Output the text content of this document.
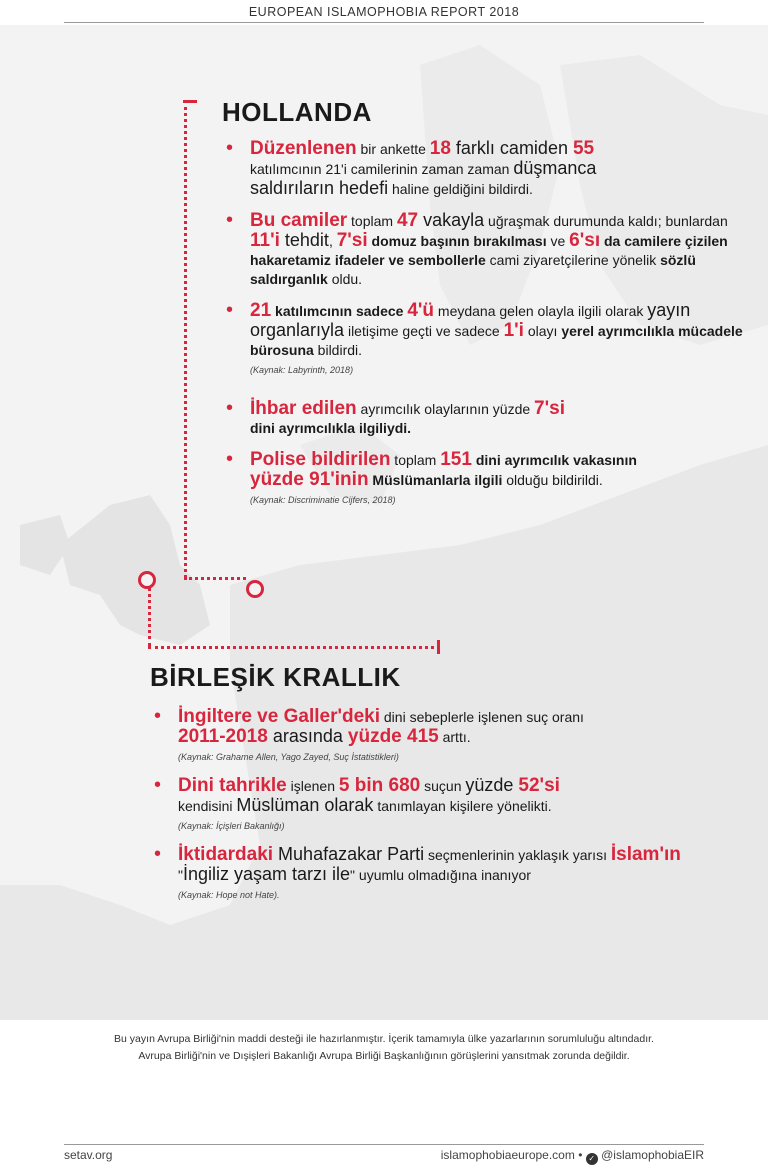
EUROPEAN ISLAMOPHOBIA REPORT 2018
HOLLANDA
• Düzenlenen bir ankette 18 farklı camiden 55
katılımcının 21'i camilerinin zaman zaman düşmanca
saldırıların hedefi haline geldiğini bildirdi.
• Bu camiler toplam 47 vakayla uğraşmak durumunda kaldı; bunlardan 11'i tehdit, 7'si domuz başının bırakılması ve 6'sı da camilere çizilen hakaretamiz ifadeler ve sembollerle cami ziyaretçilerine yönelik sözlü saldırganlık oldu.
• 21 katılımcının sadece 4'ü meydana gelen olayla ilgili olarak yayın organlarıyla iletişime geçti ve sadece 1'i olayı yerel ayrımcılıkla mücadele bürosuna bildirdi.
(Kaynak: Labyrinth, 2018)
• İhbar edilen ayrımcılık olaylarının yüzde 7'si
dini ayrımcılıkla ilgiliydi.
• Polise bildirilen toplam 151 dini ayrımcılık vakasının
yüzde 91'inin Müslümanlarla ilgili olduğu bildirildi.
(Kaynak: Discriminatie Cijfers, 2018)
BİRLEŞİK KRALLIK
• İngiltere ve Galler'deki dini sebeplerle işlenen suç oranı
2011-2018 arasında yüzde 415 arttı.
(Kaynak: Grahame Allen, Yago Zayed, Suç İstatistikleri)
• Dini tahrikle işlenen 5 bin 680 suçun yüzde 52'si
kendisini Müslüman olarak tanımlayan kişilere yönelikti.
(Kaynak: İçişleri Bakanlığı)
• İktidardaki Muhafazakar Parti seçmenlerinin yaklaşık yarısı İslam'ın "İngiliz yaşam tarzı ile" uyumlu olmadığına inanıyor
(Kaynak: Hope not Hate).
Bu yayın Avrupa Birliği'nin maddi desteği ile hazırlanmıştır. İçerik tamamıyla ülke yazarlarının sorumluluğu altındadır. Avrupa Birliği'nin ve Dışişleri Bakanlığı Avrupa Birliği Başkanlığının görüşlerini yansıtmak zorunda değildir.
setav.org	islamophobiaeurope.com • ✓ @islamophobiaEIR
